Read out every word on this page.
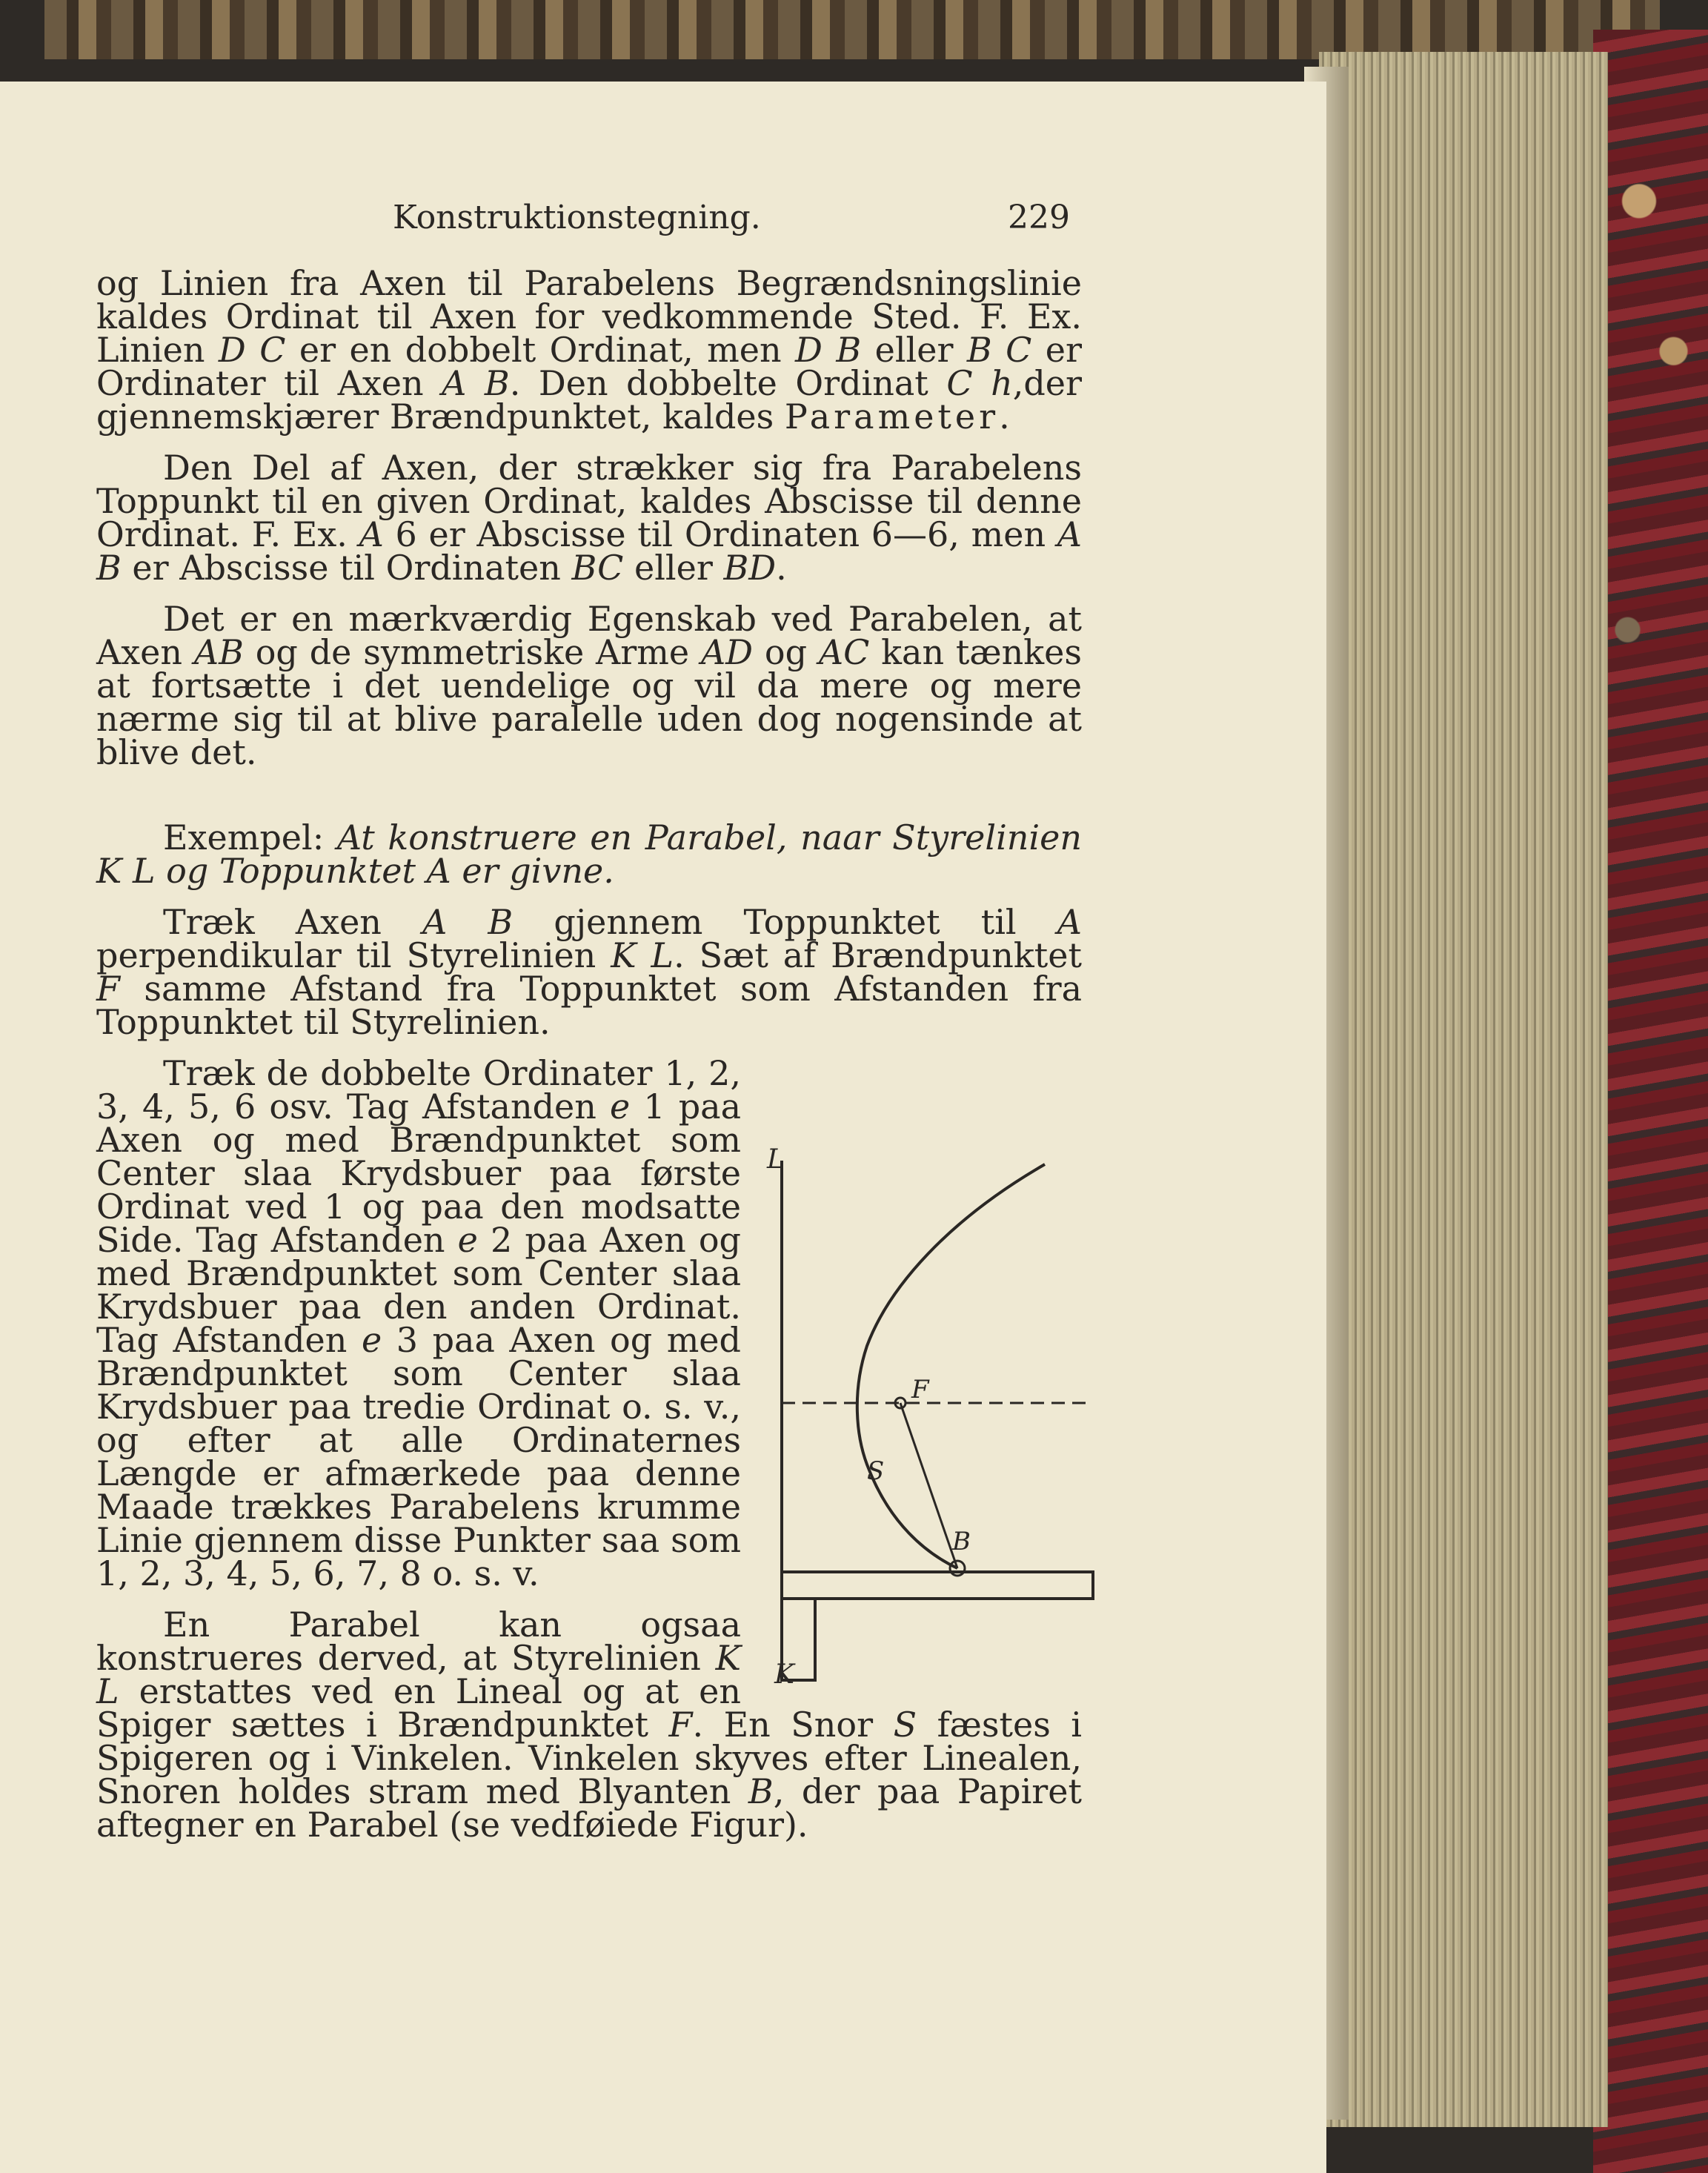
Konstruktionstegning.	229

og Linien fra Axen til Parabelens Begrændsningslinie kaldes Ordinat til Axen for vedkommende Sted. F. Ex. Linien D C er en dobbelt Ordinat, men D B eller B C er Ordinater til Axen A B. Den dobbelte Ordinat C h,der gjennemskjærer Brændpunktet, kaldes Parameter.

Den Del af Axen, der strækker sig fra Parabelens Toppunkt til en given Ordinat, kaldes Abscisse til denne Ordinat. F. Ex. A 6 er Abscisse til Ordinaten 6—6, men A B er Abscisse til Ordinaten BC eller BD.

Det er en mærkværdig Egenskab ved Parabelen, at Axen AB og de symmetriske Arme AD og AC kan tænkes at fortsætte i det uendelige og vil da mere og mere nærme sig til at blive paralelle uden dog nogensinde at blive det.

Exempel: At konstruere en Parabel, naar Styrelinien K L og Toppunktet A er givne.

Træk Axen A B gjennem Toppunktet til A perpendikular til Styrelinien K L. Sæt af Brændpunktet F samme Afstand fra Toppunktet som Afstanden fra Toppunktet til Styrelinien.

L
F
S
B
K

Træk de dobbelte Ordinater 1, 2, 3, 4, 5, 6 osv. Tag Afstanden e 1 paa Axen og med Brændpunktet som Center slaa Krydsbuer paa første Ordinat ved 1 og paa den modsatte Side. Tag Afstanden e 2 paa Axen og med Brændpunktet som Center slaa Krydsbuer paa den anden Ordinat. Tag Afstanden e 3 paa Axen og med Brændpunktet som Center slaa Krydsbuer paa tredie Ordinat o. s. v., og efter at alle Ordinaternes Længde er afmærkede paa denne Maade trækkes Parabelens krumme Linie gjennem disse Punkter saa som 1, 2, 3, 4, 5, 6, 7, 8 o. s. v.

En Parabel kan ogsaa konstrueres derved, at Styrelinien K L erstattes ved en Lineal og at en Spiger sættes i Brændpunktet F. En Snor S fæstes i Spigeren og i Vinkelen. Vinkelen skyves efter Linealen, Snoren holdes stram med Blyanten B, der paa Papiret aftegner en Parabel (se vedføiede Figur).
